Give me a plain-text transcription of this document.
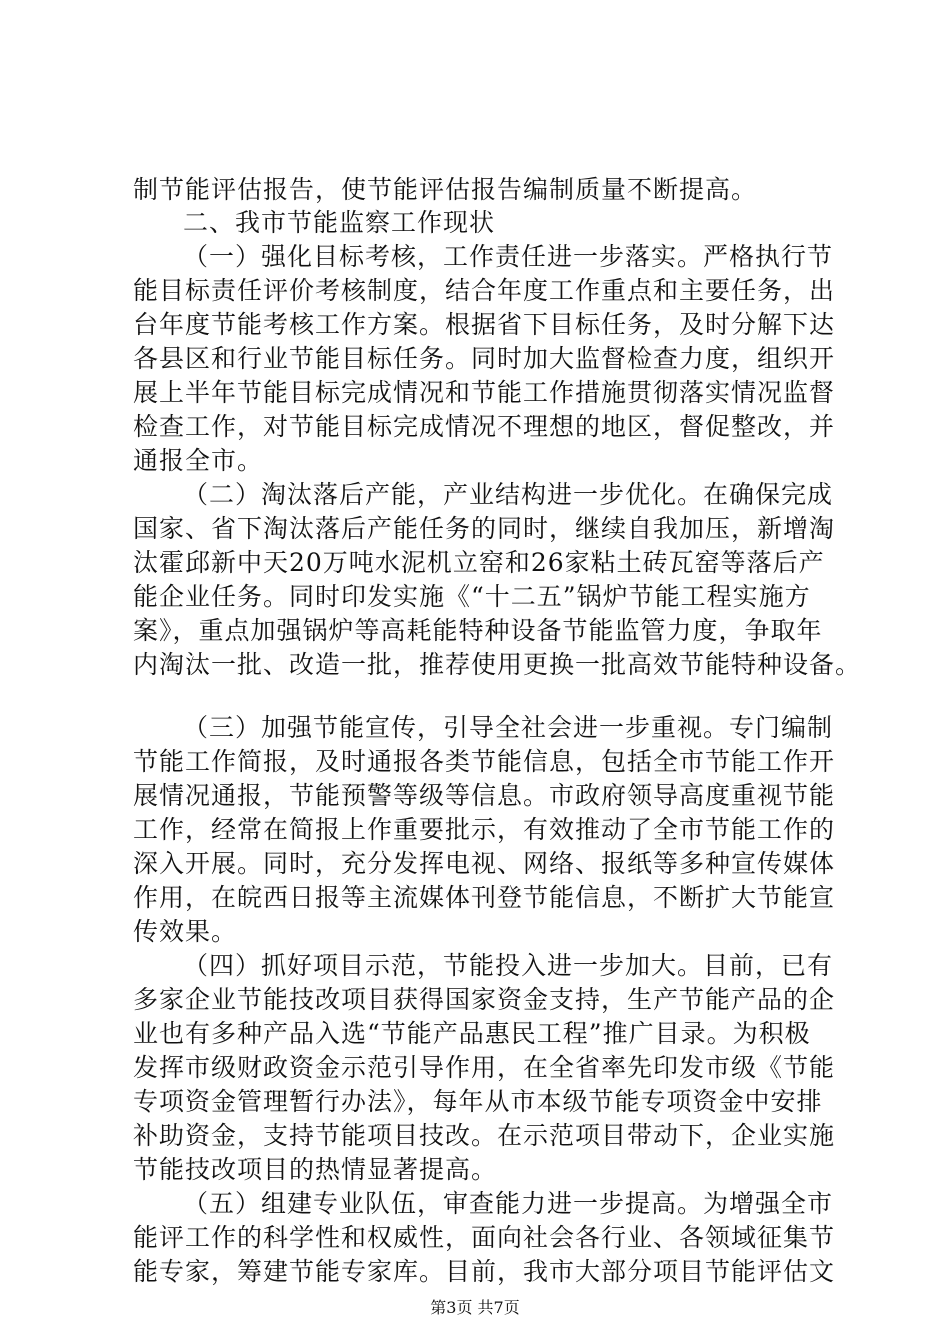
制节能评估报告，使节能评估报告编制质量不断提高。
二、我市节能监察工作现状
（一）强化目标考核，工作责任进一步落实。严格执行节
能目标责任评价考核制度，结合年度工作重点和主要任务，出
台年度节能考核工作方案。根据省下目标任务，及时分解下达
各县区和行业节能目标任务。同时加大监督检查力度，组织开
展上半年节能目标完成情况和节能工作措施贯彻落实情况监督
检查工作，对节能目标完成情况不理想的地区，督促整改，并
通报全市。
（二）淘汰落后产能，产业结构进一步优化。在确保完成
国家、省下淘汰落后产能任务的同时，继续自我加压，新增淘
汰霍邱新中天20万吨水泥机立窑和26家粘土砖瓦窑等落后产
能企业任务。同时印发实施《“十二五”锅炉节能工程实施方
案》，重点加强锅炉等高耗能特种设备节能监管力度，争取年
内淘汰一批、改造一批，推荐使用更换一批高效节能特种设备。
（三）加强节能宣传，引导全社会进一步重视。专门编制
节能工作简报，及时通报各类节能信息，包括全市节能工作开
展情况通报，节能预警等级等信息。市政府领导高度重视节能
工作，经常在简报上作重要批示，有效推动了全市节能工作的
深入开展。同时，充分发挥电视、网络、报纸等多种宣传媒体
作用，在皖西日报等主流媒体刊登节能信息，不断扩大节能宣
传效果。
（四）抓好项目示范，节能投入进一步加大。目前，已有
多家企业节能技改项目获得国家资金支持，生产节能产品的企
业也有多种产品入选“节能产品惠民工程”推广目录。为积极
发挥市级财政资金示范引导作用，在全省率先印发市级《节能
专项资金管理暂行办法》，每年从市本级节能专项资金中安排
补助资金，支持节能项目技改。在示范项目带动下，企业实施
节能技改项目的热情显著提高。
（五）组建专业队伍，审查能力进一步提高。为增强全市
能评工作的科学性和权威性，面向社会各行业、各领域征集节
能专家，筹建节能专家库。目前，我市大部分项目节能评估文
第3页 共7页
